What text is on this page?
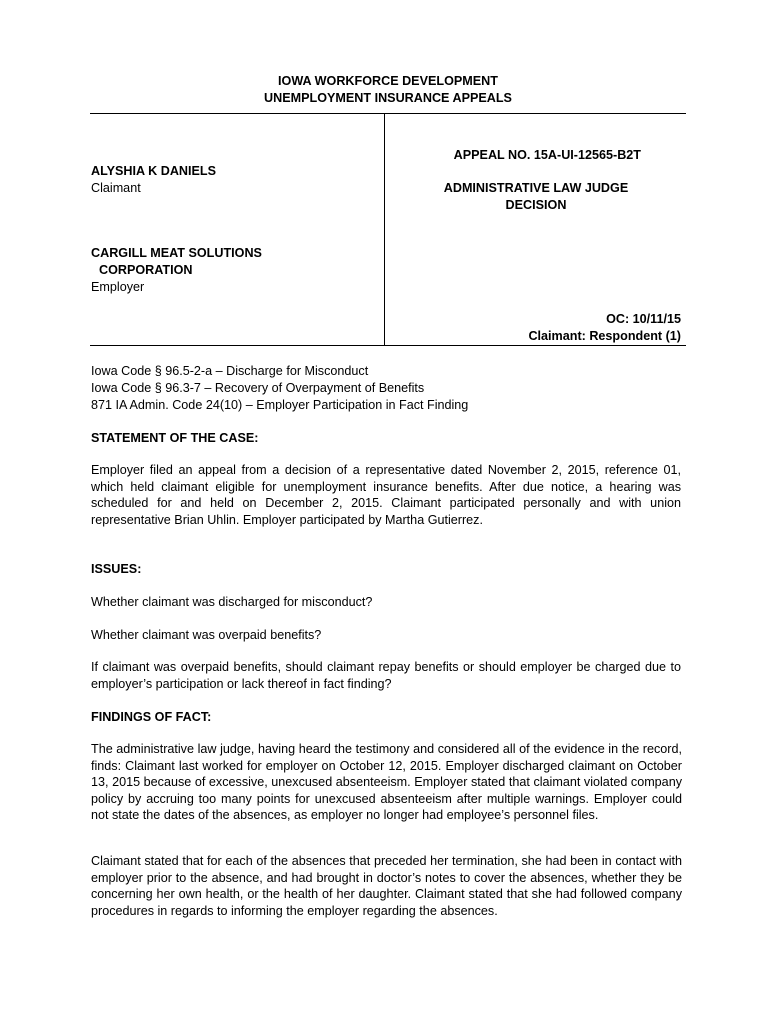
IOWA WORKFORCE DEVELOPMENT
UNEMPLOYMENT INSURANCE APPEALS
ALYSHIA K DANIELS
Claimant
CARGILL MEAT SOLUTIONS
CORPORATION
Employer
APPEAL NO. 15A-UI-12565-B2T
ADMINISTRATIVE LAW JUDGE
DECISION
OC: 10/11/15
Claimant: Respondent (1)
Iowa Code § 96.5-2-a – Discharge for Misconduct
Iowa Code § 96.3-7 – Recovery of Overpayment of Benefits
871 IA Admin. Code 24(10) – Employer Participation in Fact Finding
STATEMENT OF THE CASE:
Employer filed an appeal from a decision of a representative dated November 2, 2015, reference 01, which held claimant eligible for unemployment insurance benefits. After due notice, a hearing was scheduled for and held on December 2, 2015. Claimant participated personally and with union representative Brian Uhlin. Employer participated by Martha Gutierrez.
ISSUES:
Whether claimant was discharged for misconduct?
Whether claimant was overpaid benefits?
If claimant was overpaid benefits, should claimant repay benefits or should employer be charged due to employer’s participation or lack thereof in fact finding?
FINDINGS OF FACT:
The administrative law judge, having heard the testimony and considered all of the evidence in the record, finds: Claimant last worked for employer on October 12, 2015. Employer discharged claimant on October 13, 2015 because of excessive, unexcused absenteeism. Employer stated that claimant violated company policy by accruing too many points for unexcused absenteeism after multiple warnings. Employer could not state the dates of the absences, as employer no longer had employee’s personnel files.
Claimant stated that for each of the absences that preceded her termination, she had been in contact with employer prior to the absence, and had brought in doctor’s notes to cover the absences, whether they be concerning her own health, or the health of her daughter. Claimant stated that she had followed company procedures in regards to informing the employer regarding the absences.
